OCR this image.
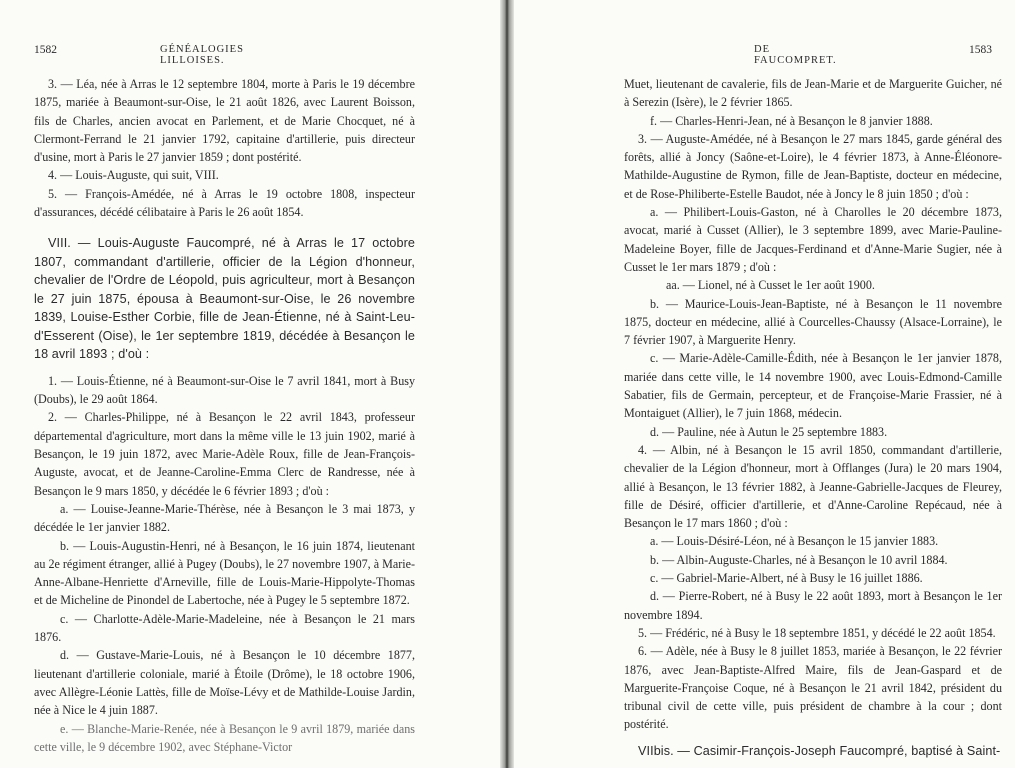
1582	GÉNÉALOGIES LILLOISES.

3. — Léa, née à Arras le 12 septembre 1804, morte à Paris le 19 décembre 1875, mariée à Beaumont-sur-Oise, le 21 août 1826, avec Laurent Boisson, fils de Charles, ancien avocat en Parlement, et de Marie Chocquet, né à Clermont-Ferrand le 21 janvier 1792, capitaine d'artillerie, puis directeur d'usine, mort à Paris le 27 janvier 1859 ; dont postérité.

4. — Louis-Auguste, qui suit, VIII.

5. — François-Amédée, né à Arras le 19 octobre 1808, inspecteur d'assurances, décédé célibataire à Paris le 26 août 1854.

VIII. — Louis-Auguste Faucompré, né à Arras le 17 octobre 1807, commandant d'artillerie, officier de la Légion d'honneur, chevalier de l'Ordre de Léopold, puis agriculteur, mort à Besançon le 27 juin 1875, épousa à Beaumont-sur-Oise, le 26 novembre 1839, Louise-Esther Corbie, fille de Jean-Étienne, né à Saint-Leu-d'Esserent (Oise), le 1er septembre 1819, décédée à Besançon le 18 avril 1893 ; d'où :

1. — Louis-Étienne, né à Beaumont-sur-Oise le 7 avril 1841, mort à Busy (Doubs), le 29 août 1864.

2. — Charles-Philippe, né à Besançon le 22 avril 1843, professeur départemental d'agriculture, mort dans la même ville le 13 juin 1902, marié à Besançon, le 19 juin 1872, avec Marie-Adèle Roux, fille de Jean-François-Auguste, avocat, et de Jeanne-Caroline-Emma Clerc de Randresse, née à Besançon le 9 mars 1850, y décédée le 6 février 1893 ; d'où :

a. — Louise-Jeanne-Marie-Thérèse, née à Besançon le 3 mai 1873, y décédée le 1er janvier 1882.

b. — Louis-Augustin-Henri, né à Besançon, le 16 juin 1874, lieutenant au 2e régiment étranger, allié à Pugey (Doubs), le 27 novembre 1907, à Marie-Anne-Albane-Henriette d'Arneville, fille de Louis-Marie-Hippolyte-Thomas et de Micheline de Pinondel de Labertoche, née à Pugey le 5 septembre 1872.

c. — Charlotte-Adèle-Marie-Madeleine, née à Besançon le 21 mars 1876.

d. — Gustave-Marie-Louis, né à Besançon le 10 décembre 1877, lieutenant d'artillerie coloniale, marié à Étoile (Drôme), le 18 octobre 1906, avec Allègre-Léonie Lattès, fille de Moïse-Lévy et de Mathilde-Louise Jardin, née à Nice le 4 juin 1887.

e. — Blanche-Marie-Renée, née à Besançon le 9 avril 1879, mariée dans cette ville, le 9 décembre 1902, avec Stéphane-Victor

DE FAUCOMPRET.
1583

Muet, lieutenant de cavalerie, fils de Jean-Marie et de Marguerite Guicher, né à Serezin (Isère), le 2 février 1865.

f. — Charles-Henri-Jean, né à Besançon le 8 janvier 1888.

3. — Auguste-Amédée, né à Besançon le 27 mars 1845, garde général des forêts, allié à Joncy (Saône-et-Loire), le 4 février 1873, à Anne-Éléonore-Mathilde-Augustine de Rymon, fille de Jean-Baptiste, docteur en médecine, et de Rose-Philiberte-Estelle Baudot, née à Joncy le 8 juin 1850 ; d'où :

a. — Philibert-Louis-Gaston, né à Charolles le 20 décembre 1873, avocat, marié à Cusset (Allier), le 3 septembre 1899, avec Marie-Pauline-Madeleine Boyer, fille de Jacques-Ferdinand et d'Anne-Marie Sugier, née à Cusset le 1er mars 1879 ; d'où :

aa. — Lionel, né à Cusset le 1er août 1900.

b. — Maurice-Louis-Jean-Baptiste, né à Besançon le 11 novembre 1875, docteur en médecine, allié à Courcelles-Chaussy (Alsace-Lorraine), le 7 février 1907, à Marguerite Henry.

c. — Marie-Adèle-Camille-Édith, née à Besançon le 1er janvier 1878, mariée dans cette ville, le 14 novembre 1900, avec Louis-Edmond-Camille Sabatier, fils de Germain, percepteur, et de Françoise-Marie Frassier, né à Montaiguet (Allier), le 7 juin 1868, médecin.

d. — Pauline, née à Autun le 25 septembre 1883.

4. — Albin, né à Besançon le 15 avril 1850, commandant d'artillerie, chevalier de la Légion d'honneur, mort à Offlanges (Jura) le 20 mars 1904, allié à Besançon, le 13 février 1882, à Jeanne-Gabrielle-Jacques de Fleurey, fille de Désiré, officier d'artillerie, et d'Anne-Caroline Repécaud, née à Besançon le 17 mars 1860 ; d'où :

a. — Louis-Désiré-Léon, né à Besançon le 15 janvier 1883.

b. — Albin-Auguste-Charles, né à Besançon le 10 avril 1884.

c. — Gabriel-Marie-Albert, né à Busy le 16 juillet 1886.

d. — Pierre-Robert, né à Busy le 22 août 1893, mort à Besançon le 1er novembre 1894.

5. — Frédéric, né à Busy le 18 septembre 1851, y décédé le 22 août 1854.

6. — Adèle, née à Busy le 8 juillet 1853, mariée à Besançon, le 22 février 1876, avec Jean-Baptiste-Alfred Maire, fils de Jean-Gaspard et de Marguerite-Françoise Coque, né à Besançon le 21 avril 1842, président du tribunal civil de cette ville, puis président de chambre à la cour ; dont postérité.

VIIbis. — Casimir-François-Joseph Faucompré, baptisé à Saint-
